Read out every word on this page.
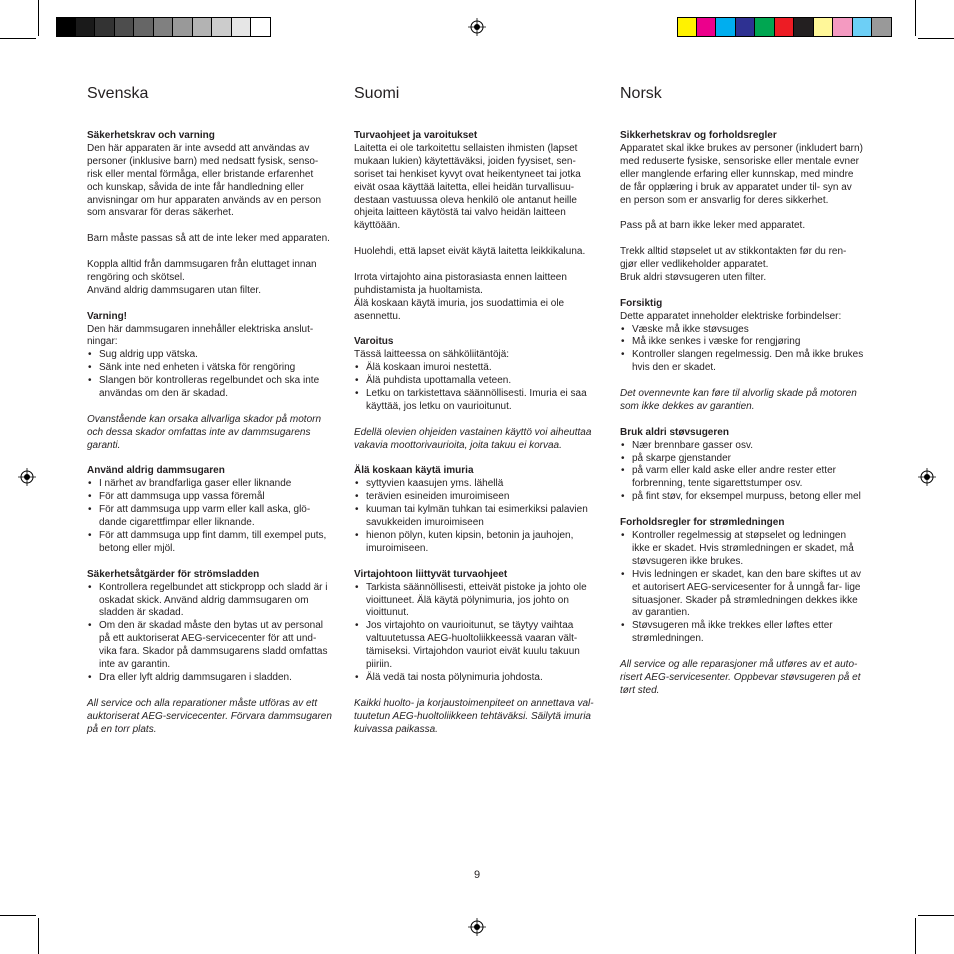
Svenska
Säkerhetskrav och varning

Den här apparaten är inte avsedd att användas av personer (inklusive barn) med nedsatt fysisk, senso- risk eller mental förmåga, eller bristande erfarenhet och kunskap, såvida de inte får handledning eller anvisningar om hur apparaten används av en person som ansvarar för deras säkerhet.

Barn måste passas så att de inte leker med apparaten.

Koppla alltid från dammsugaren från eluttaget innan rengöring och skötsel.

Använd aldrig dammsugaren utan filter.

Varning!

Den här dammsugaren innehåller elektriska anslut- ningar:

• Sug aldrig upp vätska.
• Sänk inte ned enheten i vätska för rengöring
• Slangen bör kontrolleras regelbundet och ska inte användas om den är skadad.

Ovanstående kan orsaka allvarliga skador på motorn och dessa skador omfattas inte av dammsugarens garanti.

Använd aldrig dammsugaren
• I närhet av brandfarliga gaser eller liknande
• För att dammsuga upp vassa föremål
• För att dammsuga upp varm eller kall aska, glö- dande cigarettfimpar eller liknande.
• För att dammsuga upp fint damm, till exempel puts, betong eller mjöl.
Säkerhetsåtgärder för strömsladden
• Kontrollera regelbundet att stickpropp och sladd är i oskadat skick. Använd aldrig dammsugaren om sladden är skadad.
• Om den är skadad måste den bytas ut av personal på ett auktoriserat AEG-servicecenter för att und- vika fara. Skador på dammsugarens sladd omfattas inte av garantin.
• Dra eller lyft aldrig dammsugaren i sladden.

All service och alla reparationer måste utföras av ett auktoriserat AEG-servicecenter. Förvara dammsugaren på en torr plats.

Suomi
Turvaohjeet ja varoitukset

Laitetta ei ole tarkoitettu sellaisten ihmisten (lapset mukaan lukien) käytettäväksi, joiden fyysiset, sen- soriset tai henkiset kyvyt ovat heikentyneet tai jotka eivät osaa käyttää laitetta, ellei heidän turvallisuu- destaan vastuussa oleva henkilö ole antanut heille ohjeita laitteen käytöstä tai valvo heidän laitteen käyttöään.

Huolehdi, että lapset eivät käytä laitetta leikkikaluna.

Irrota virtajohto aina pistorasiasta ennen laitteen puhdistamista ja huoltamista.

Älä koskaan käytä imuria, jos suodattimia ei ole asennettu.

Varoitus

Tässä laitteessa on sähköliitäntöjä:

• Älä koskaan imuroi nestettä.
• Älä puhdista upottamalla veteen.
• Letku on tarkistettava säännöllisesti. Imuria ei saa käyttää, jos letku on vaurioitunut.

Edellä olevien ohjeiden vastainen käyttö voi aiheuttaa vakavia moottorivaurioita, joita takuu ei korvaa.

Älä koskaan käytä imuria
• syttyvien kaasujen yms. lähellä
• terävien esineiden imuroimiseen
• kuuman tai kylmän tuhkan tai esimerkiksi palavien savukkeiden imuroimiseen
• hienon pölyn, kuten kipsin, betonin ja jauhojen, imuroimiseen.
Virtajohtoon liittyvät turvaohjeet
• Tarkista säännöllisesti, etteivät pistoke ja johto ole vioittuneet. Älä käytä pölynimuria, jos johto on vioittunut.
• Jos virtajohto on vaurioitunut, se täytyy vaihtaa valtuutetussa AEG-huoltoliikkeessä vaaran vält- tämiseksi. Virtajohdon vauriot eivät kuulu takuun piiriin.
• Älä vedä tai nosta pölynimuria johdosta.

Kaikki huolto- ja korjaustoimenpiteet on annettava val- tuutetun AEG-huoltoliikkeen tehtäväksi. Säilytä imuria kuivassa paikassa.

Norsk
Sikkerhetskrav og forholdsregler

Apparatet skal ikke brukes av personer (inkludert barn) med reduserte fysiske, sensoriske eller mentale evner eller manglende erfaring eller kunnskap, med mindre de får opplæring i bruk av apparatet under til- syn av en person som er ansvarlig for deres sikkerhet.

Pass på at barn ikke leker med apparatet.

Trekk alltid støpselet ut av stikkontakten før du ren- gjør eller vedlikeholder apparatet.

Bruk aldri støvsugeren uten filter.

Forsiktig

Dette apparatet inneholder elektriske forbindelser:

• Væske må ikke støvsuges
• Må ikke senkes i væske for rengjøring
• Kontroller slangen regelmessig. Den må ikke brukes hvis den er skadet.

Det ovennevnte kan føre til alvorlig skade på motoren som ikke dekkes av garantien.

Bruk aldri støvsugeren
• Nær brennbare gasser osv.
• på skarpe gjenstander
• på varm eller kald aske eller andre rester etter forbrenning, tente sigarettstumper osv.
• på fint støv, for eksempel murpuss, betong eller mel
Forholdsregler for strømledningen
• Kontroller regelmessig at støpselet og ledningen ikke er skadet. Hvis strømledningen er skadet, må støvsugeren ikke brukes.
• Hvis ledningen er skadet, kan den bare skiftes ut av et autorisert AEG-servicesenter for å unngå far- lige situasjoner. Skader på strømledningen dekkes ikke av garantien.
• Støvsugeren må ikke trekkes eller løftes etter strømledningen.

All service og alle reparasjoner må utføres av et auto- risert AEG-servicesenter. Oppbevar støvsugeren på et tørt sted.

9
